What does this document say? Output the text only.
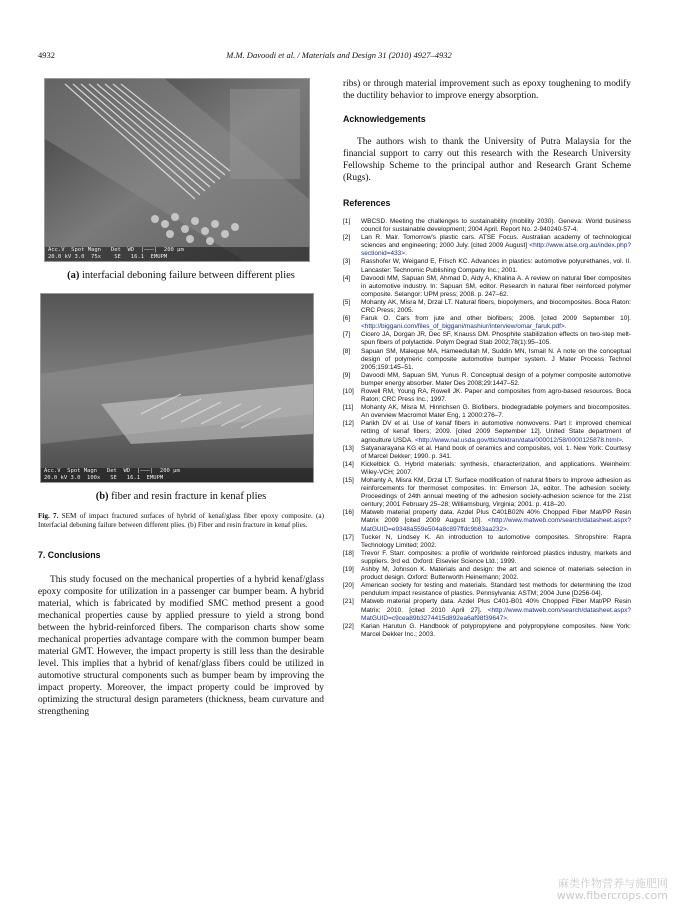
4932	M.M. Davoodi et al. / Materials and Design 31 (2010) 4927–4932
Acc.V  Spot Magn   Det  WD  |———|  200 μm
20.0 kV 3.0  75x    SE   16.1  EMUPM
(a) interfacial deboning failure between different plies
Acc.V  Spot Magn   Det  WD  |———|  200 μm
20.0 kV 3.0  100x   SE   16.1  EMUPM
(b) fiber and resin fracture in kenaf plies
Fig. 7. SEM of impact fractured surfaces of hybrid of kenaf/glass fiber epoxy composite. (a) Interfacial deboning failure between different plies. (b) Fiber and resin fracture in kenaf plies.
7. Conclusions

This study focused on the mechanical properties of a hybrid kenaf/glass epoxy composite for utilization in a passenger car bumper beam. A hybrid material, which is fabricated by modified SMC method present a good mechanical properties cause by applied pressure to yield a strong bond between the hybrid-reinforced fibers. The comparison charts show some mechanical properties advantage compare with the common bumper beam material GMT. However, the impact property is still less than the desirable level. This implies that a hybrid of kenaf/glass fibers could be utilized in automotive structural components such as bumper beam by improving the impact property. Moreover, the impact property could be improved by optimizing the structural design parameters (thickness, beam curvature and strengthening

ribs) or through material improvement such as epoxy toughening to modify the ductility behavior to improve energy absorption.

Acknowledgements

The authors wish to thank the University of Putra Malaysia for the financial support to carry out this research with the Research University Fellowship Scheme to the principal author and Research Grant Scheme (Rugs).

References
[1]	WBCSD. Meeting the challenges to sustainability (mobility 2030). Geneva: World business council for sustainable development; 2004 April. Report No. 2-940240-57-4.
[2]	Lan R. Mair. Tomorrow's plastic cars. ATSE Focus. Australian academy of technological sciences and engineering; 2000 July. [cited 2009 August] <http://www.atse.org.au/index.php?sectionid=433>.
[3]	Rasshofer W, Weigand E, Frisch KC. Advances in plastics: automotive polyurethanes, vol. II. Lancaster: Technomic Publishing Company Inc.; 2001.
[4]	Davoodi MM, Sapuan SM, Ahmad D, Aidy A, Khalina A. A review on natural fiber composites in automotive industry. In: Sapuan SM, editor. Research in natural fiber reinforced polymer composite. Selangor: UPM press; 2008. p. 247–62.
[5]	Mohanty AK, Misra M, Drzal LT. Natural fibers, biopolymers, and biocomposites. Boca Raton: CRC Press; 2005.
[6]	Faruk O. Cars from jute and other biofibers; 2006. [cited 2009 September 10]. <http://biggani.com/files_of_biggani/mashiur/interview/omar_faruk.pdf>.
[7]	Cicero JA, Dorgan JR, Dec SF, Knauss DM. Phosphite stabilization effects on two-step melt-spun fibers of polylactide. Polym Degrad Stab 2002;78(1):95–105.
[8]	Sapuan SM, Maleque MA, Hameedullah M, Suddin MN, Ismail N. A note on the conceptual design of polymeric composite automotive bumper system. J Mater Process Technol 2005;159:145–51.
[9]	Davoodi MM, Sapuan SM, Yunus R. Conceptual design of a polymer composite automotive bumper energy absorber. Mater Des 2008;29:1447–52.
[10]	Rowell RM, Young RA, Rowell JK. Paper and composites from agro-based resources. Boca Raton: CRC Press Inc.; 1997.
[11]	Mohanty AK, Misra M, Hinrichsen G. Biofibers, biodegradable polymers and biocomposites. An overview Macromol Mater Eng, 1 2000:276–7.
[12]	Parikh DV et al. Use of kenaf fibers in automotive nonwovens. Part I: improved chemical retting of kenaf fibers; 2009. [cited 2009 September 12]. United State department of agriculture USDA. <http://www.nal.usda.gov/ttic/tektran/data/000012/58/0000125878.html>.
[13]	Satyanarayana KG et al. Hand book of ceramics and composites, vol. 1. New York: Courtesy of Marcel Dekker; 1990. p. 341.
[14]	Kickelbick G. Hybrid materials: synthesis, characterization, and applications. Weinheim: Wiley-VCH; 2007.
[15]	Mohanty A, Misra KM, Drzal LT. Surface modification of natural fibers to improve adhesion as reinforcements for thermoset composites. In: Emerson JA, editor. The adhesion society. Proceedings of 24th annual meeting of the adhesion society-adhesion science for the 21st century; 2001 February 25–28; Williamsburg, Virginia; 2001. p. 418–20.
[16]	Matweb material property data. Azdel Plus C401B02N 40% Chopped Fiber Mat/PP Resin Matrix 2009 [cited 2009 August 10]. <http://www.matweb.com/search/datasheet.aspx?MatGUID=e9348a559e504a8c897ffdc9b83aa232>.
[17]	Tucker N, Lindsey K. An introduction to automotive composites. Shropshire: Rapra Technology Limited; 2002.
[18]	Trevor F. Starr. composites: a profile of worldwide reinforced plastics industry, markets and suppliers. 3rd ed. Oxford: Elsevier Science Ltd.; 1999.
[19]	Ashby M, Johnson K. Materials and design: the art and science of materials selection in product design. Oxford: Butterworth Heinemann; 2002.
[20]	American society for testing and materials. Standard test methods for determining the Izod pendulum impact resistance of plastics. Pennsylvania: ASTM; 2004 June [D256-04].
[21]	Matweb material property data. Azdel Plus C401-B01 40% Chopped Fiber Mat/PP Resin Matrix; 2010. [cited 2010 April 27]. <http://www.matweb.com/search/datasheet.aspx?MatGUID=c9cea89b3274415d892ea6af98f39647>.
[22]	Karian Harutun G. Handbook of polypropylene and polypropylene composites. New York: Marcel Dekker Inc.; 2003.
麻类作物营养与施肥网
www.fibercrops.com
